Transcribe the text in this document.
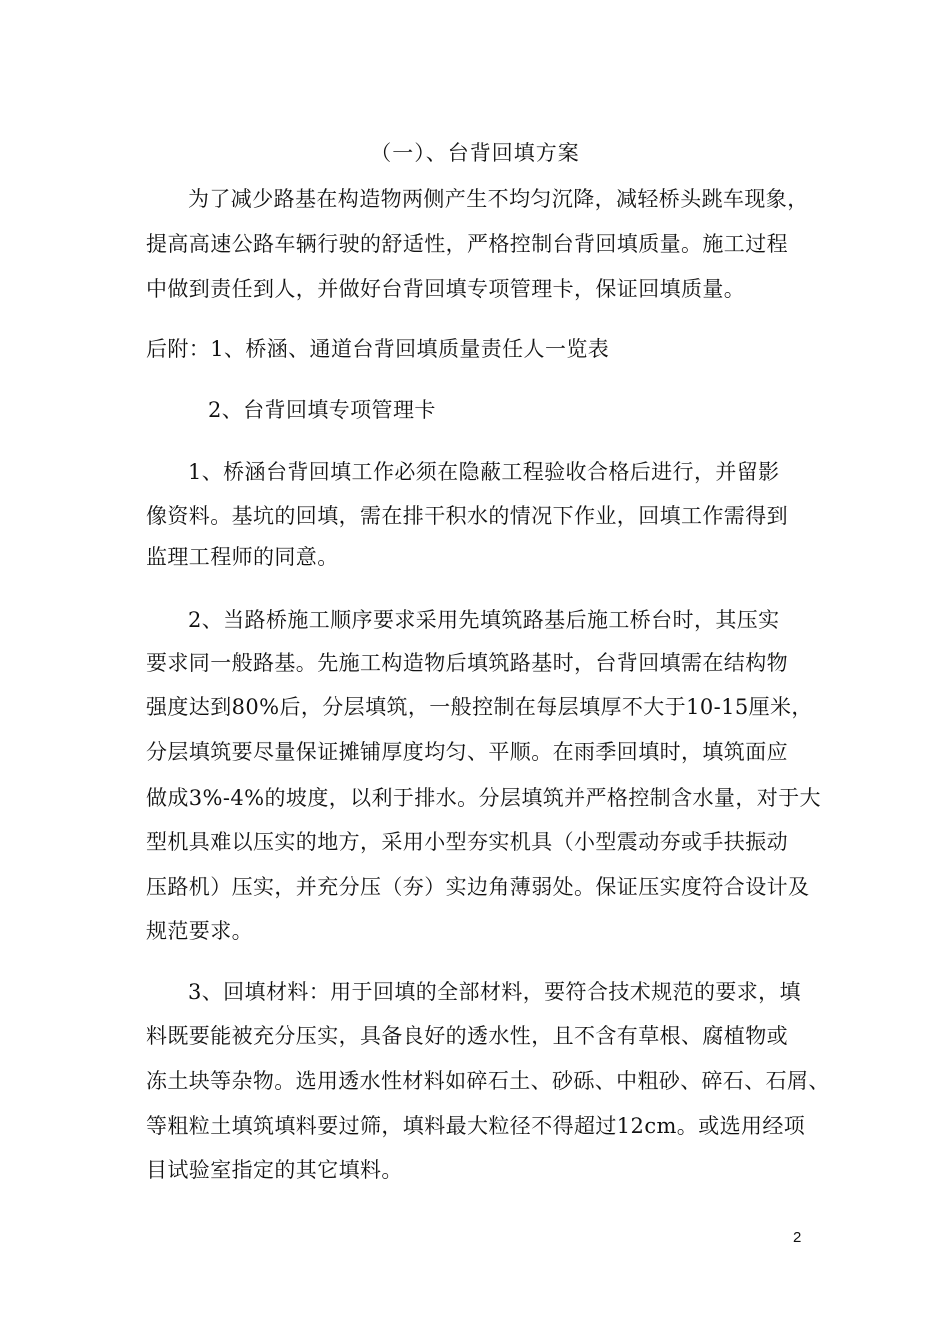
（一）、台背回填方案
为了减少路基在构造物两侧产生不均匀沉降，减轻桥头跳车现象，
提高高速公路车辆行驶的舒适性，严格控制台背回填质量。施工过程
中做到责任到人，并做好台背回填专项管理卡，保证回填质量。
后附：1、桥涵、通道台背回填质量责任人一览表
2、台背回填专项管理卡
1、桥涵台背回填工作必须在隐蔽工程验收合格后进行，并留影
像资料。基坑的回填，需在排干积水的情况下作业，回填工作需得到
监理工程师的同意。
2、当路桥施工顺序要求采用先填筑路基后施工桥台时，其压实
要求同一般路基。先施工构造物后填筑路基时，台背回填需在结构物
强度达到80%后，分层填筑，一般控制在每层填厚不大于10-15厘米，
分层填筑要尽量保证摊铺厚度均匀、平顺。在雨季回填时，填筑面应
做成3%-4%的坡度，以利于排水。分层填筑并严格控制含水量，对于大
型机具难以压实的地方，采用小型夯实机具（小型震动夯或手扶振动
压路机）压实，并充分压（夯）实边角薄弱处。保证压实度符合设计及
规范要求。
3、回填材料：用于回填的全部材料，要符合技术规范的要求，填
料既要能被充分压实，具备良好的透水性，且不含有草根、腐植物或
冻土块等杂物。选用透水性材料如碎石土、砂砾、中粗砂、碎石、石屑、
等粗粒土填筑填料要过筛，填料最大粒径不得超过12cm。或选用经项
目试验室指定的其它填料。
2
